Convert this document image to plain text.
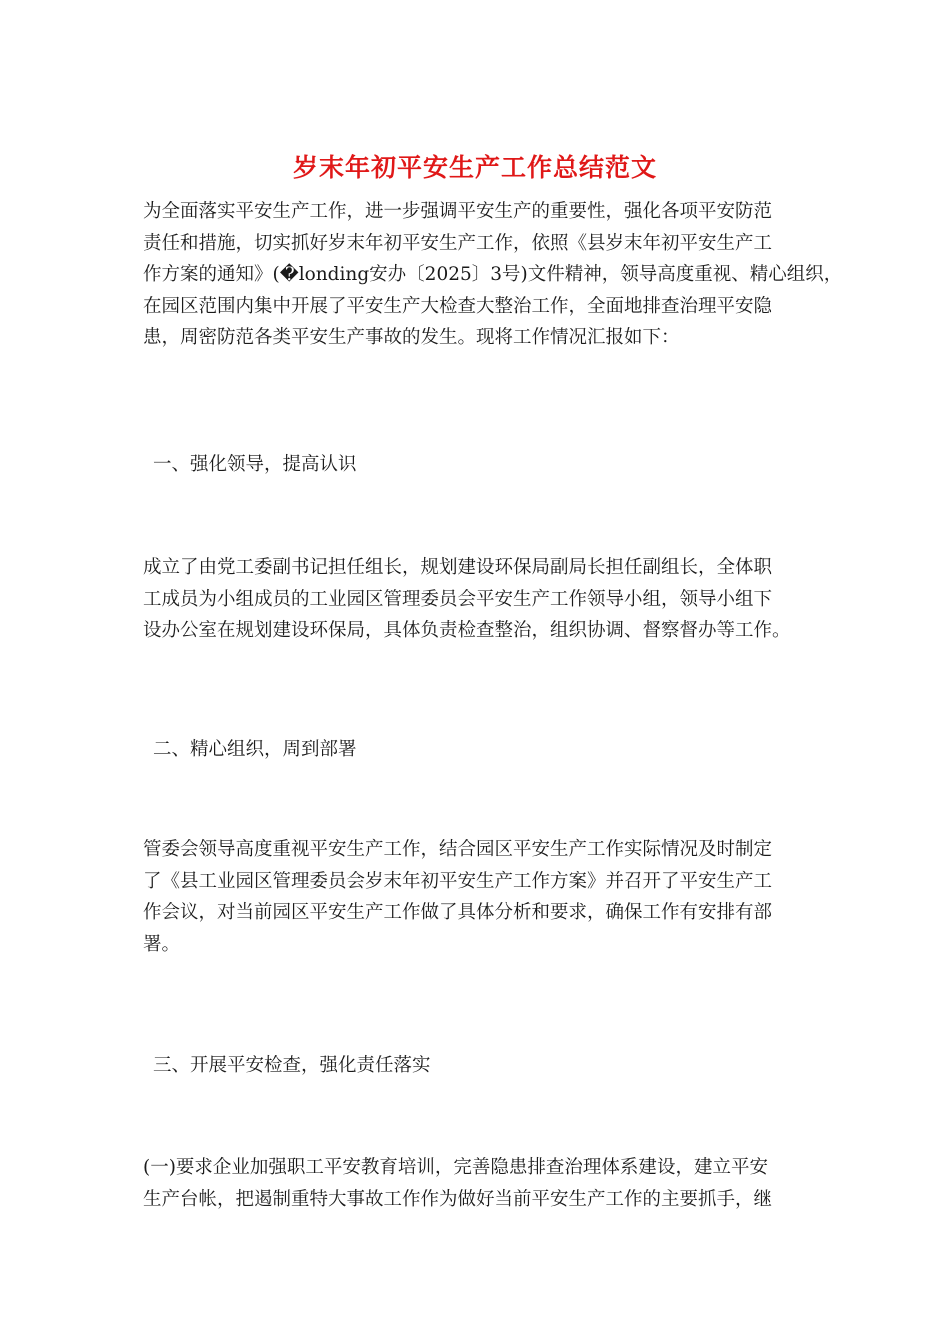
岁末年初平安生产工作总结范文
为全面落实平安生产工作，进一步强调平安生产的重要性，强化各项平安防范
责任和措施，切实抓好岁末年初平安生产工作，依照《县岁末年初平安生产工
作方案的通知》(�londing安办〔2025〕3号)文件精神，领导高度重视、精心组织，
在园区范围内集中开展了平安生产大检查大整治工作，全面地排查治理平安隐
患，周密防范各类平安生产事故的发生。现将工作情况汇报如下：
一、强化领导，提高认识
成立了由党工委副书记担任组长，规划建设环保局副局长担任副组长，全体职
工成员为小组成员的工业园区管理委员会平安生产工作领导小组，领导小组下
设办公室在规划建设环保局，具体负责检查整治，组织协调、督察督办等工作。
二、精心组织，周到部署
管委会领导高度重视平安生产工作，结合园区平安生产工作实际情况及时制定
了《县工业园区管理委员会岁末年初平安生产工作方案》并召开了平安生产工
作会议，对当前园区平安生产工作做了具体分析和要求，确保工作有安排有部
署。
三、开展平安检查，强化责任落实
(一)要求企业加强职工平安教育培训，完善隐患排查治理体系建设，建立平安
生产台帐，把遏制重特大事故工作作为做好当前平安生产工作的主要抓手，继
